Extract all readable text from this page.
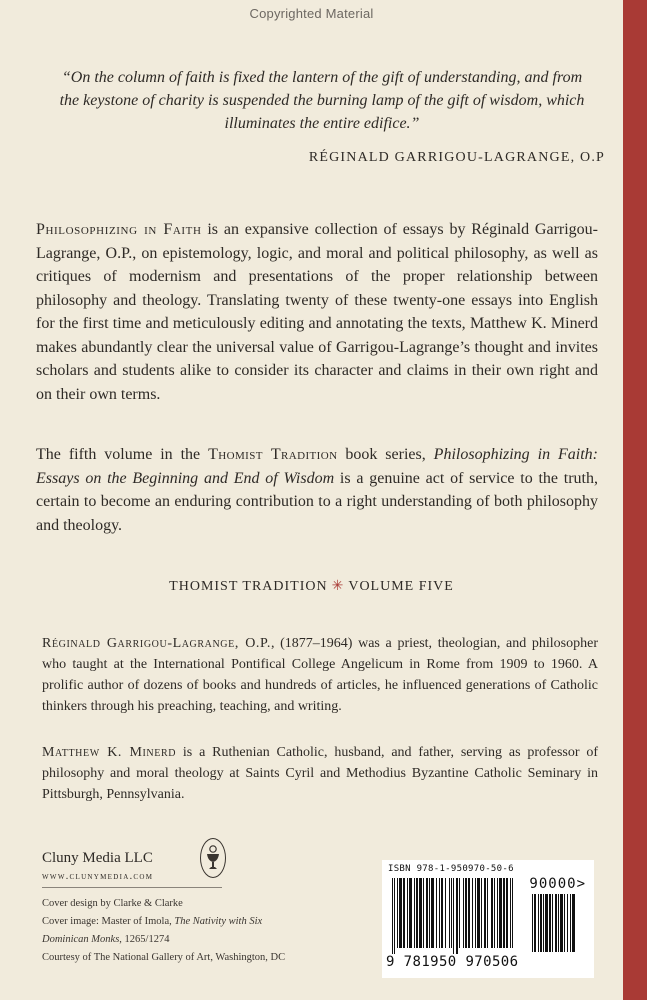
Copyrighted Material
“On the column of faith is fixed the lantern of the gift of understanding, and from the keystone of charity is suspended the burning lamp of the gift of wisdom, which illuminates the entire edifice.”
RÉGINALD GARRIGOU-LAGRANGE, O.P
Philosophizing in Faith is an expansive collection of essays by Réginald Garrigou-Lagrange, O.P., on epistemology, logic, and moral and political philosophy, as well as critiques of modernism and presentations of the proper relationship between philosophy and theology. Translating twenty of these twenty-one essays into English for the first time and meticulously editing and annotating the texts, Matthew K. Minerd makes abundantly clear the universal value of Garrigou-Lagrange’s thought and invites scholars and students alike to consider its character and claims in their own right and on their own terms.
The fifth volume in the Thomist Tradition book series, Philosophizing in Faith: Essays on the Beginning and End of Wisdom is a genuine act of service to the truth, certain to become an enduring contribution to a right understanding of both philosophy and theology.
THOMIST TRADITION ✳ VOLUME FIVE
Réginald Garrigou-Lagrange, O.P., (1877–1964) was a priest, theologian, and philosopher who taught at the International Pontifical College Angelicum in Rome from 1909 to 1960. A prolific author of dozens of books and hundreds of articles, he influenced generations of Catholic thinkers through his preaching, teaching, and writing.
Matthew K. Minerd is a Ruthenian Catholic, husband, and father, serving as professor of philosophy and moral theology at Saints Cyril and Methodius Byzantine Catholic Seminary in Pittsburgh, Pennsylvania.
Cluny Media LLC
www.clunymedia.com
Cover design by Clarke & Clarke
Cover image: Master of Imola, The Nativity with Six Dominican Monks, 1265/1274
Courtesy of The National Gallery of Art, Washington, DC
ISBN 978-1-950970-50-6
90000>
9 781950 970506
